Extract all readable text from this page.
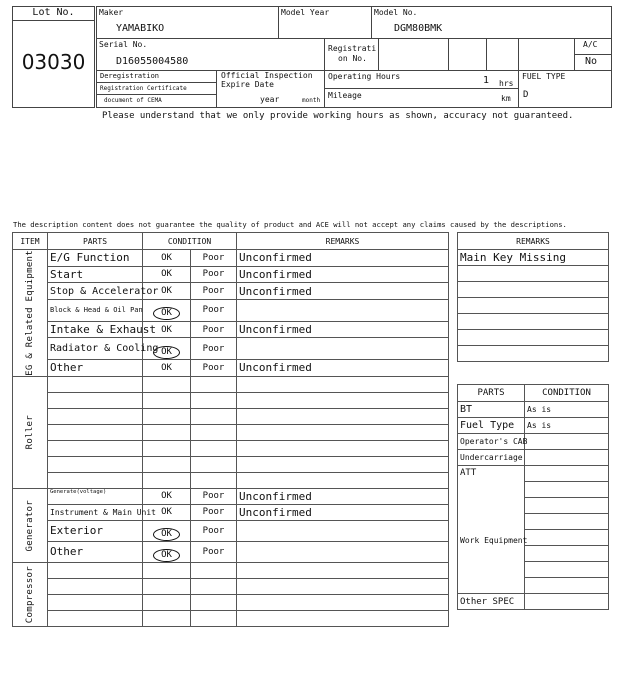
Lot No.
03030
Maker
YAMABIKO
Model Year	Model No.
DGM80BMK
Serial No.
D16055004580
Registrati
on No.
A/C
No
Deregistration
Registration Certificate
document of CEMA
Official Inspection
Expire Date
year	month
Operating Hours	1 hrs
Mileage	km
FUEL TYPE
D
Please understand that we only provide working hours as shown, accuracy not guaranteed.
The description content does not guarantee the quality of product and ACE will not accept any claims caused by the descriptions.
ITEM	PARTS	CONDITION		REMARKS

EG & Related Equipment	E/G Function	OK	Poor	Unconfirmed
	Start	OK	Poor	Unconfirmed
	Stop & Accelerator	OK	Poor	Unconfirmed
	Block & Head & Oil Pan	OK	Poor	
	Intake & Exhaust	OK	Poor	Unconfirmed
	Radiator & Cooling	OK	Poor	
	Other	OK	Poor	Unconfirmed

Roller				

Generator	Generate(voltage)	OK	Poor	Unconfirmed
	Instrument & Main Unit	OK	Poor	Unconfirmed
	Exterior	OK	Poor	
	Other	OK	Poor	

Compressor				

REMARKS
Main Key Missing

PARTS	CONDITION
BT	As is
Fuel Type	As is
Operator's CAB	
Undercarriage	

ATT
Work Equipment	

Other SPEC	
